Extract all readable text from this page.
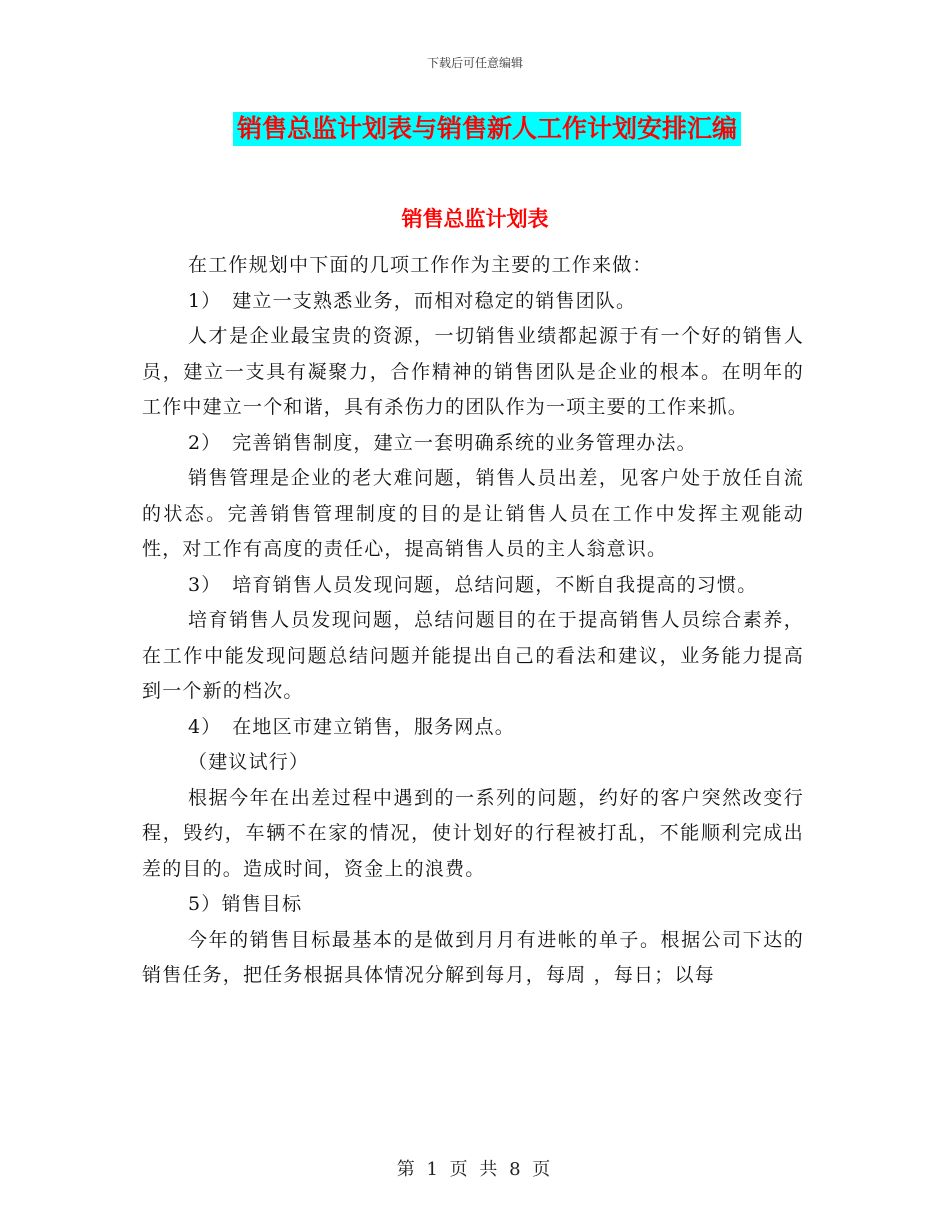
下载后可任意编辑
销售总监计划表与销售新人工作计划安排汇编
销售总监计划表

在工作规划中下面的几项工作作为主要的工作来做：

1）　建立一支熟悉业务，而相对稳定的销售团队。

人才是企业最宝贵的资源，一切销售业绩都起源于有一个好的销售人员，建立一支具有凝聚力，合作精神的销售团队是企业的根本。在明年的工作中建立一个和谐，具有杀伤力的团队作为一项主要的工作来抓。

2）　完善销售制度，建立一套明确系统的业务管理办法。

销售管理是企业的老大难问题，销售人员出差，见客户处于放任自流的状态。完善销售管理制度的目的是让销售人员在工作中发挥主观能动性，对工作有高度的责任心，提高销售人员的主人翁意识。

3）　培育销售人员发现问题，总结问题，不断自我提高的习惯。

培育销售人员发现问题，总结问题目的在于提高销售人员综合素养，在工作中能发现问题总结问题并能提出自己的看法和建议，业务能力提高到一个新的档次。

4）　在地区市建立销售，服务网点。

（建议试行）

根据今年在出差过程中遇到的一系列的问题，约好的客户突然改变行程，毁约，车辆不在家的情况，使计划好的行程被打乱，不能顺利完成出差的目的。造成时间，资金上的浪费。

5）销售目标

今年的销售目标最基本的是做到月月有进帐的单子。根据公司下达的销售任务，把任务根据具体情况分解到每月，每周 ，每日；以每

第 1 页 共 8 页
